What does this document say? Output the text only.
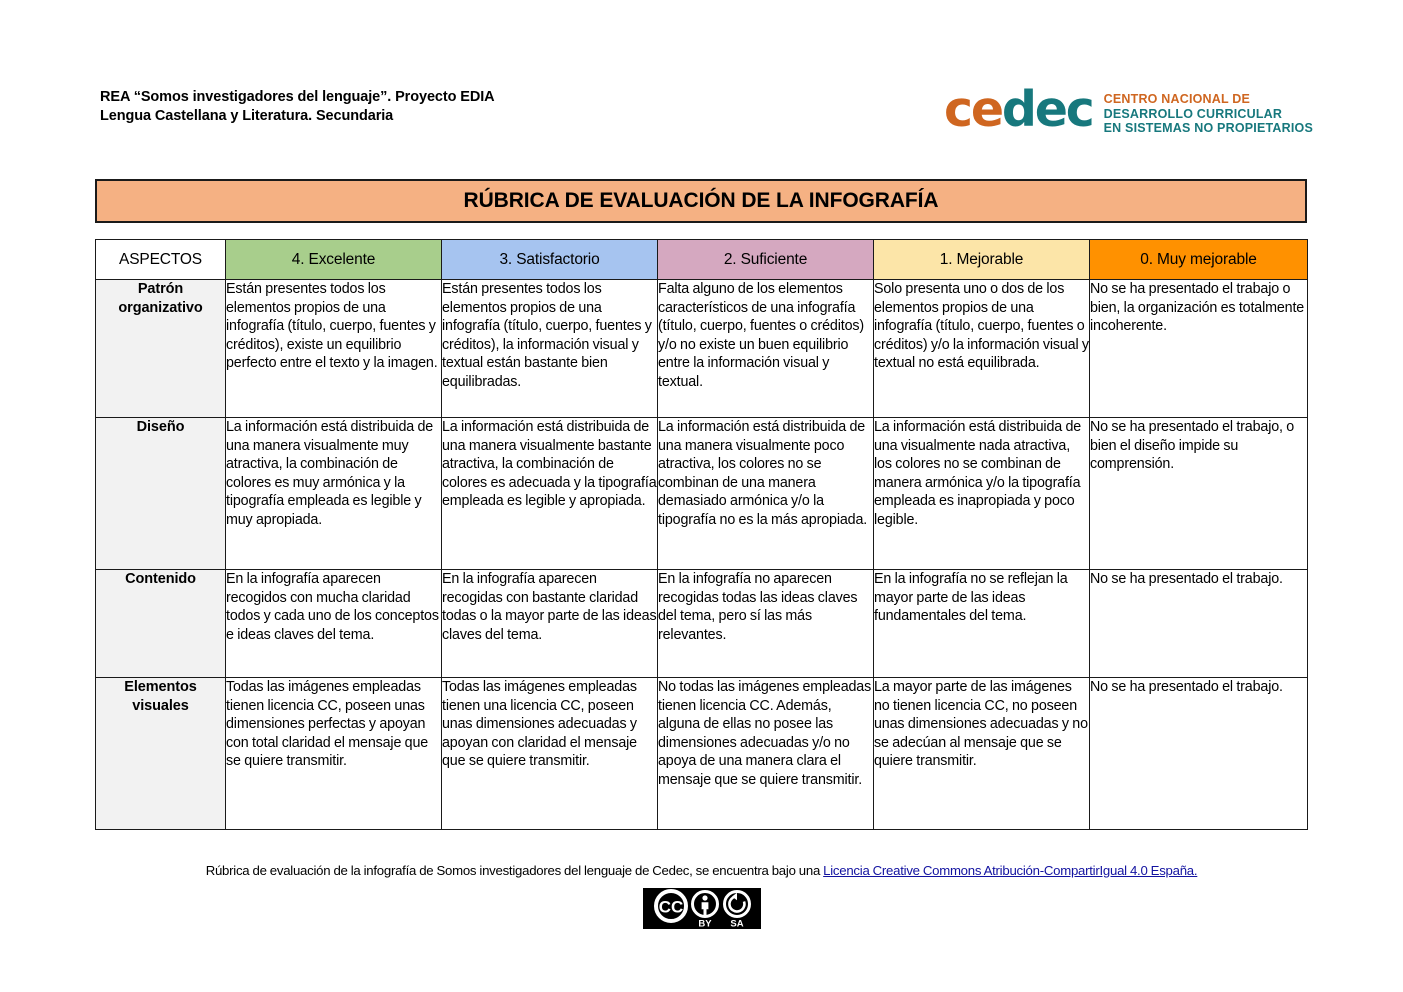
REA “Somos investigadores del lenguaje”. Proyecto EDIA
Lengua Castellana y Literatura. Secundaria	cedec CENTRO NACIONAL DE
DESARROLLO CURRICULAR
EN SISTEMAS NO PROPIETARIOS
RÚBRICA DE EVALUACIÓN DE LA INFOGRAFÍA
ASPECTOS	4. Excelente	3. Satisfactorio	2. Suficiente	1. Mejorable	0. Muy mejorable
Patrón organizativo	Están presentes todos los elementos propios de una infografía (título, cuerpo, fuentes y créditos), existe un equilibrio perfecto entre el texto y la imagen.	Están presentes todos los elementos propios de una infografía (título, cuerpo, fuentes y créditos), la información visual y textual están bastante bien equilibradas.	Falta alguno de los elementos característicos de una infografía (título, cuerpo, fuentes o créditos) y/o no existe un buen equilibrio entre la información visual y textual.	Solo presenta uno o dos de los elementos propios de una infografía (título, cuerpo, fuentes o créditos) y/o la información visual y textual no está equilibrada.	No se ha presentado el trabajo o bien, la organización es totalmente incoherente.
Diseño	La información está distribuida de una manera visualmente muy atractiva, la combinación de colores es muy armónica y la tipografía empleada es legible y muy apropiada.	La información está distribuida de una manera visualmente bastante atractiva, la combinación de colores es adecuada y la tipografía empleada es legible y apropiada.	La información está distribuida de una manera visualmente poco atractiva, los colores no se combinan de una manera demasiado armónica y/o la tipografía no es la más apropiada.	La información está distribuida de una visualmente nada atractiva, los colores no se combinan de manera armónica y/o la tipografía empleada es inapropiada y poco legible.	No se ha presentado el trabajo, o bien el diseño impide su comprensión.
Contenido	En la infografía aparecen recogidos con mucha claridad todos y cada uno de los conceptos e ideas claves del tema.	En la infografía aparecen recogidas con bastante claridad todas o la mayor parte de las ideas claves del tema.	En la infografía no aparecen recogidas todas las ideas claves del tema, pero sí las más relevantes.	En la infografía no se reflejan la mayor parte de las ideas fundamentales del tema.	No se ha presentado el trabajo.
Elementos visuales	Todas las imágenes empleadas tienen licencia CC, poseen unas dimensiones perfectas y apoyan con total claridad el mensaje que se quiere transmitir.	Todas las imágenes empleadas tienen una licencia CC, poseen unas dimensiones adecuadas y apoyan con claridad el mensaje que se quiere transmitir.	No todas las imágenes empleadas tienen licencia CC. Además, alguna de ellas no posee las dimensiones adecuadas y/o no apoya de una manera clara el mensaje que se quiere transmitir.	La mayor parte de las imágenes no tienen licencia CC, no poseen unas dimensiones adecuadas y no se adecúan al mensaje que se quiere transmitir.	No se ha presentado el trabajo.
Rúbrica de evaluación de la infografía de Somos investigadores del lenguaje de Cedec, se encuentra bajo una Licencia Creative Commons Atribución-CompartirIgual 4.0 España.
CC
BY SA
